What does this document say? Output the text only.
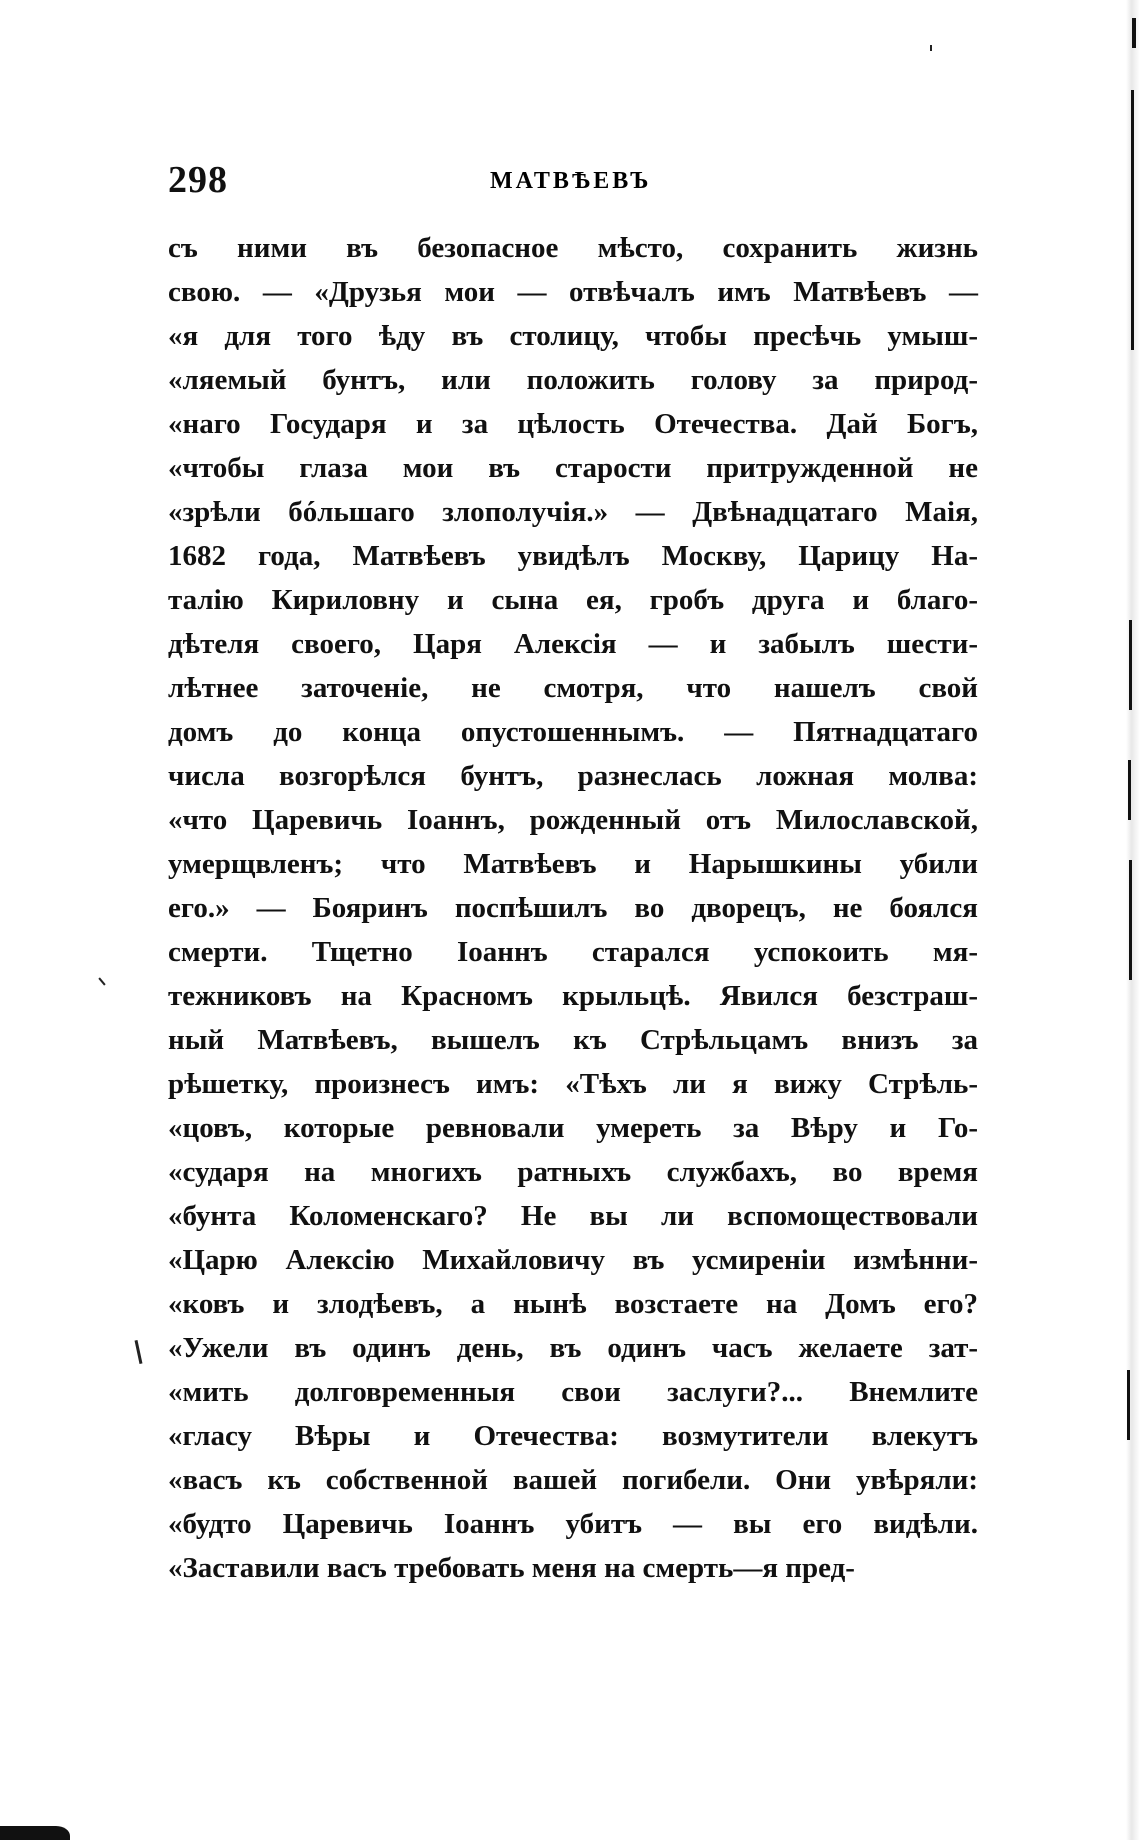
298	МАТВѢЕВЪ
съ ними въ безопасное мѣсто, сохранить жизнь
свою. — «Друзья мои — отвѣчалъ имъ Матвѣевъ —
«я для того ѣду въ столицу, чтобы пресѣчь умыш-
«ляемый бунтъ, или положить голову за природ-
«наго Государя и за цѣлость Отечества. Дай Богъ,
«чтобы глаза мои въ старости притружденной не
«зрѣли бóльшаго злополучія.» — Двѣнадцатаго Маія,
1682 года, Матвѣевъ увидѣлъ Москву, Царицу На-
талію Кириловну и сына ея, гробъ друга и благо-
дѣтеля своего, Царя Алексія — и забылъ шести-
лѣтнее заточеніе, не смотря, что нашелъ свой
домъ до конца опустошеннымъ. — Пятнадцатаго
числа возгорѣлся бунтъ, разнеслась ложная молва:
«что Царевичь Іоаннъ, рожденный отъ Милославской,
умерщвленъ; что Матвѣевъ и Нарышкины убили
его.» — Бояринъ поспѣшилъ во дворецъ, не боялся
смерти. Тщетно Іоаннъ старался успокоить мя-
тежниковъ на Красномъ крыльцѣ. Явился безстраш-
ный Матвѣевъ, вышелъ къ Стрѣльцамъ внизъ за
рѣшетку, произнесъ имъ: «Тѣхъ ли я вижу Стрѣль-
«цовъ, которые ревновали умереть за Вѣру и Го-
«сударя на многихъ ратныхъ службахъ, во время
«бунта Коломенскаго? Не вы ли вспомоществовали
«Царю Алексію Михайловичу въ усмиреніи измѣнни-
«ковъ и злодѣевъ, а нынѣ возстаете на Домъ его?
«Ужели въ одинъ день, въ одинъ часъ желаете зат-
«мить долговременныя свои заслуги?... Внемлите
«гласу Вѣры и Отечества: возмутители влекутъ
«васъ къ собственной вашей погибели. Они увѣряли:
«будто Царевичь Іоаннъ убитъ — вы его видѣли.
«Заставили васъ требовать меня на смерть—я пред-
